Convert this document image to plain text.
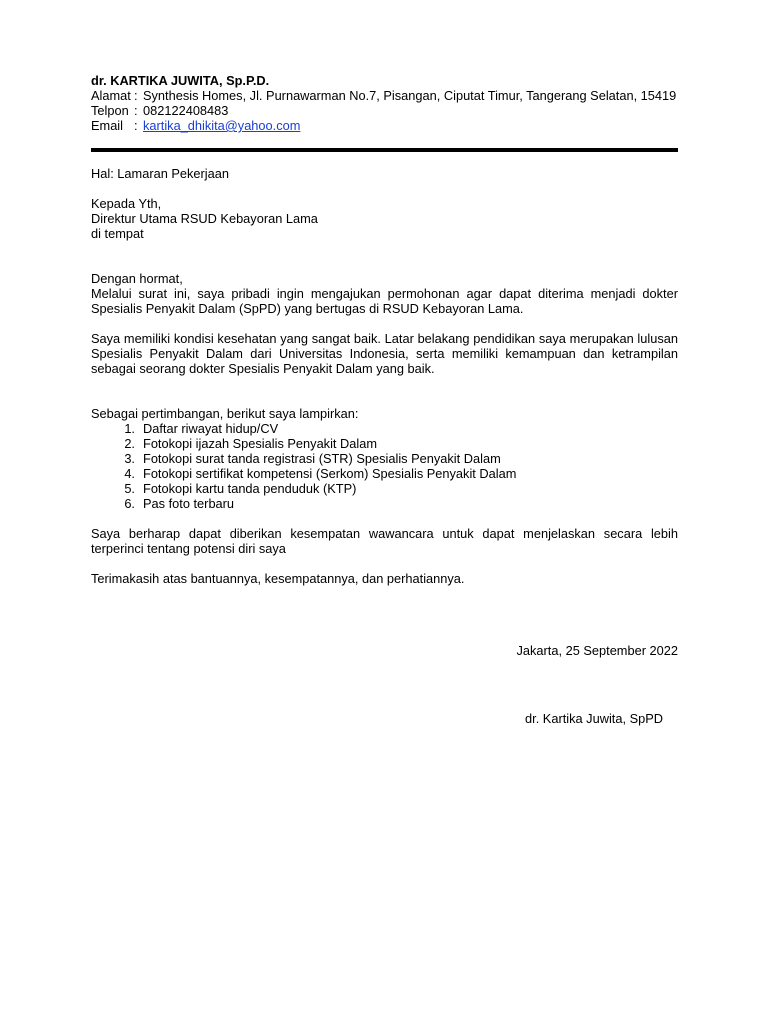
dr. KARTIKA JUWITA, Sp.P.D.
Alamat : Synthesis Homes, Jl. Purnawarman No.7, Pisangan, Ciputat Timur, Tangerang Selatan, 15419
Telpon : 082122408483
Email : kartika_dhikita@yahoo.com
Hal: Lamaran Pekerjaan
Kepada Yth,
Direktur Utama RSUD Kebayoran Lama
di tempat
Dengan hormat,
Melalui surat ini, saya pribadi ingin mengajukan permohonan agar dapat diterima menjadi dokter Spesialis Penyakit Dalam (SpPD) yang bertugas di RSUD Kebayoran Lama.
Saya memiliki kondisi kesehatan yang sangat baik. Latar belakang pendidikan saya merupakan lulusan Spesialis Penyakit Dalam dari Universitas Indonesia, serta memiliki kemampuan dan ketrampilan sebagai seorang dokter Spesialis Penyakit Dalam yang baik.
Sebagai pertimbangan, berikut saya lampirkan:
1. Daftar riwayat hidup/CV
2. Fotokopi ijazah Spesialis Penyakit Dalam
3. Fotokopi surat tanda registrasi (STR) Spesialis Penyakit Dalam
4. Fotokopi sertifikat kompetensi (Serkom) Spesialis Penyakit Dalam
5. Fotokopi kartu tanda penduduk (KTP)
6. Pas foto terbaru
Saya berharap dapat diberikan kesempatan wawancara untuk dapat menjelaskan secara lebih terperinci tentang potensi diri saya
Terimakasih atas bantuannya, kesempatannya, dan perhatiannya.
Jakarta, 25 September 2022
dr. Kartika Juwita, SpPD
